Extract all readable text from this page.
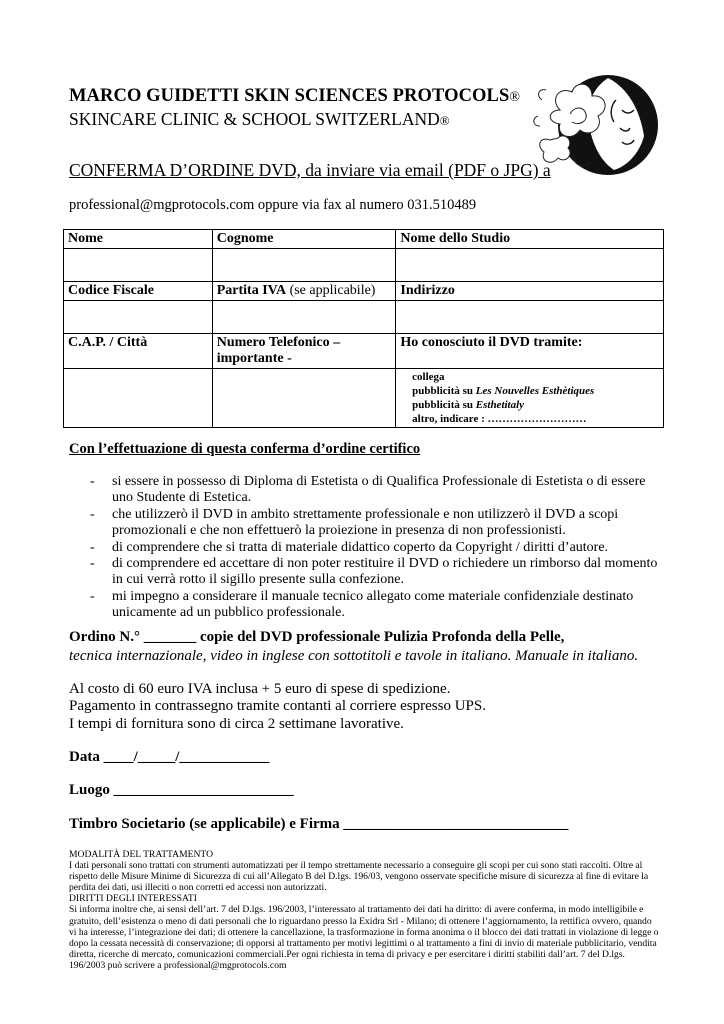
MARCO GUIDETTI SKIN SCIENCES PROTOCOLS®
SKINCARE CLINIC & SCHOOL SWITZERLAND®
CONFERMA D’ORDINE DVD, da inviare via email (PDF o JPG) a
professional@mgprotocols.com oppure via fax al numero 031.510489
Nome	Cognome	Nome dello Studio

Codice Fiscale	Partita IVA (se applicabile)	Indirizzo

C.A.P. / Città	Numero Telefonico – importante -	Ho conosciuto il DVD tramite:

		collega
pubblicità su Les Nouvelles Esthètiques
pubblicità su Esthetitaly
altro, indicare : ………………………
Con l’effettuazione di questa conferma d’ordine certifico
- si essere in possesso di Diploma di Estetista o di Qualifica Professionale di Estetista o di essere uno Studente di Estetica.
- che utilizzerò il DVD in ambito strettamente professionale e non utilizzerò il DVD a scopi promozionali e che non effettuerò la proiezione in presenza di non professionisti.
- di comprendere che si tratta di materiale didattico coperto da Copyright / diritti d’autore.
- di comprendere ed accettare di non poter restituire il DVD o richiedere un rimborso dal momento in cui verrà rotto il sigillo presente sulla confezione.
- mi impegno a considerare il manuale tecnico allegato come materiale confidenziale destinato unicamente ad un pubblico professionale.
Ordino N.° _______ copie del DVD professionale Pulizia Profonda della Pelle,
tecnica internazionale, video in inglese con sottotitoli e tavole in italiano. Manuale in italiano.
Al costo di 60 euro IVA inclusa + 5 euro di spese di spedizione.
Pagamento in contrassegno tramite contanti al corriere espresso UPS.
I tempi di fornitura sono di circa 2 settimane lavorative.
Data ____/_____/____________
Luogo ________________________
Timbro Societario (se applicabile) e Firma ______________________________

MODALITÀ DEL TRATTAMENTO

I dati personali sono trattati con strumenti automatizzati per il tempo strettamente necessario a conseguire gli scopi per cui sono stati raccolti. Oltre al rispetto delle Misure Minime di Sicurezza di cui all’Allegato B del D.lgs. 196/03, vengono osservate specifiche misure di sicurezza al fine di evitare la perdita dei dati, usi illeciti o non corretti ed accessi non autorizzati.

DIRITTI DEGLI INTERESSATI

Si informa inoltre che, ai sensi dell’art. 7 del D.lgs. 196/2003, l’interessato al trattamento dei dati ha diritto: di avere conferma, in modo intelligibile e gratuito, dell’esistenza o meno di dati personali che lo riguardano presso la Exidra Srl - Milano; di ottenere l’aggiornamento, la rettifica ovvero, quando vi ha interesse, l’integrazione dei dati; di ottenere la cancellazione, la trasformazione in forma anonima o il blocco dei dati trattati in violazione di legge o dopo la cessata necessità di conservazione; di opporsi al trattamento per motivi legittimi o al trattamento a fini di invio di materiale pubblicitario, vendita diretta, ricerche di mercato, comunicazioni commerciali.Per ogni richiesta in tema di privacy e per esercitare i diritti stabiliti dall’art. 7 del D.lgs. 196/2003 può scrivere a professional@mgprotocols.com
